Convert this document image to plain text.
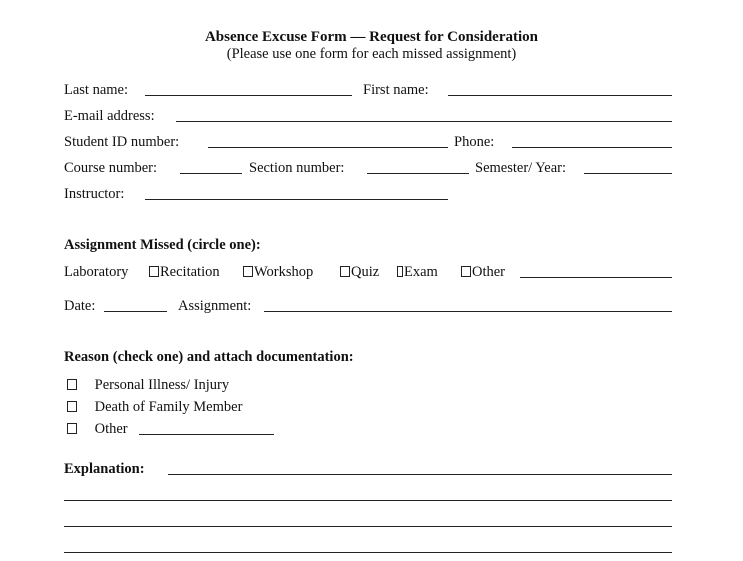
Absence Excuse Form — Request for Consideration
(Please use one form for each missed assignment)
Last name:	First name:
E-mail address:
Student ID number:	Phone:
Course number:	Section number:	Semester/ Year:
Instructor:
Assignment Missed (circle one):
Laboratory	Recitation	Workshop	Quiz	Exam	Other
Date:	Assignment:
Reason (check one) and attach documentation:
Personal Illness/ Injury
Death of Family Member
Other
Explanation:
